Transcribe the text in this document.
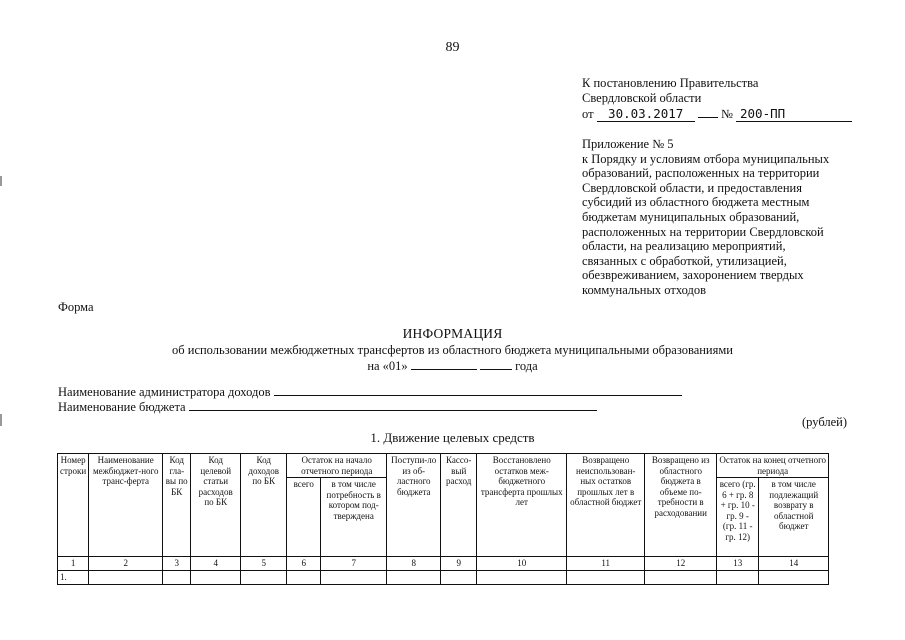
89
К постановлению Правительства
Свердловской области
от 30.03.2017	№ 200-ПП
Приложение № 5
к Порядку и условиям отбора муниципальных
образований, расположенных на территории
Свердловской области, и предоставления
субсидий из областного бюджета местным
бюджетам муниципальных образований,
расположенных на территории Свердловской
области, на реализацию мероприятий,
связанных с обработкой, утилизацией,
обезвреживанием, захоронением твердых
коммунальных отходов
Форма
ИНФОРМАЦИЯ
об использовании межбюджетных трансфертов из областного бюджета муниципальными образованиями
на «01»	года
Наименование администратора доходов
Наименование бюджета
(рублей)
1. Движение целевых средств
Номер строки	Наименование межбюджет-ного транс-ферта	Код гла-вы по БК	Код целевой статьи расходов по БК	Код доходов по БК	Остаток на начало отчетного периода		Поступи-ло из об-ластного бюджета	Кассо-вый расход	Восстановлено остатков меж-бюджетного трансферта прошлых лет	Возвращено неиспользован-ных остатков прошлых лет в областной бюджет	Возвращено из областного бюджета в объеме по-требности в расходовании	Остаток на конец отчетного периода	
					всего	в том числе потребность в котором под-тверждена						всего (гр. 6 + гр. 8 + гр. 10 - гр. 9 - (гр. 11 - гр. 12)	в том числе подлежащий возврату в областной бюджет
1	2	3	4	5	6	7	8	9	10	11	12	13	14
1.													
